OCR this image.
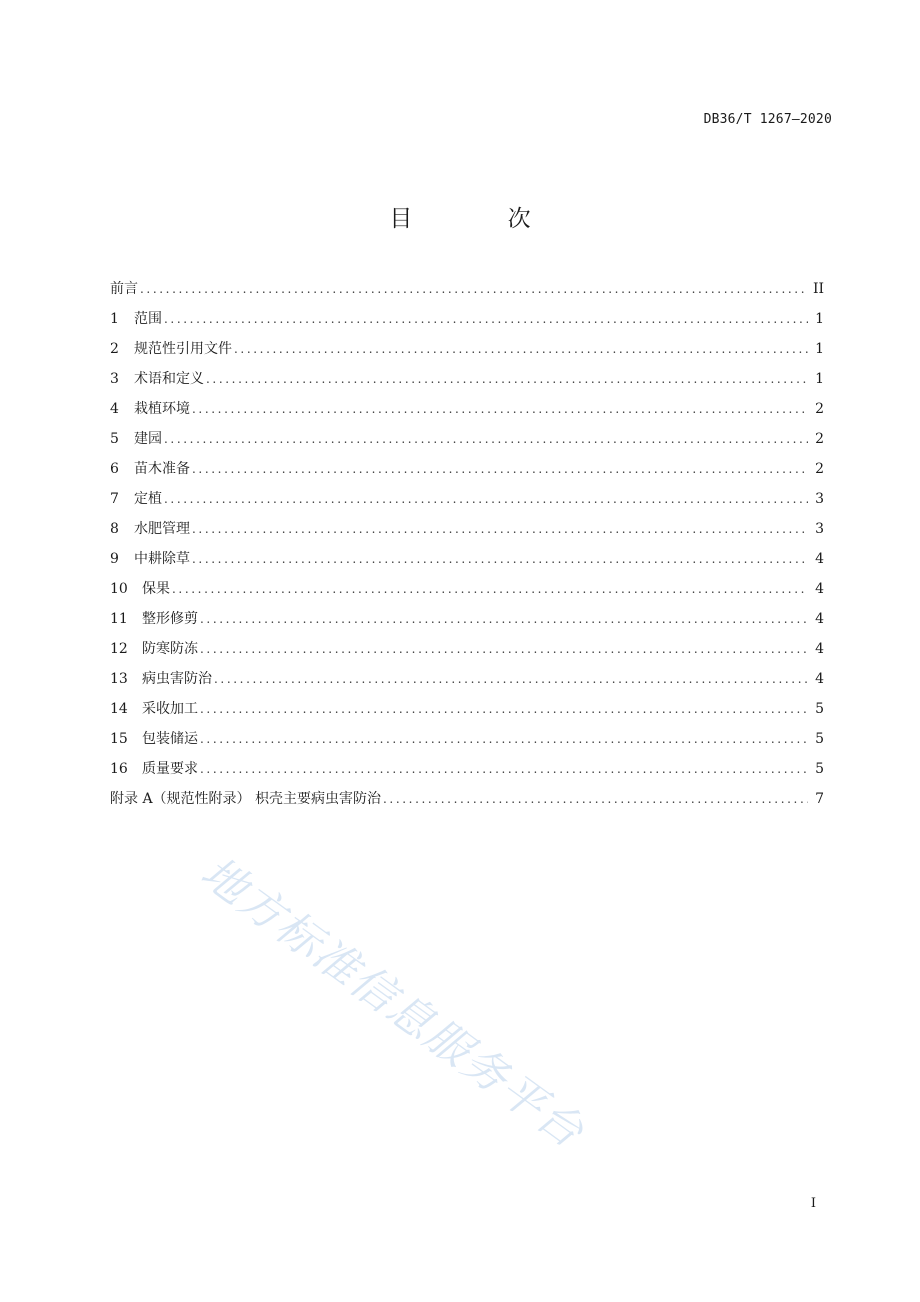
DB36/T 1267—2020
目 次
前言 .....	II
1	范围 .....	1
2	规范性引用文件 .....	1
3	术语和定义 .....	1
4	栽植环境 .....	2
5	建园 .....	2
6	苗木准备 .....	2
7	定植 .....	3
8	水肥管理 .....	3
9	中耕除草 .....	4
10	保果 .....	4
11	整形修剪 .....	4
12	防寒防冻 .....	4
13	病虫害防治 .....	4
14	采收加工 .....	5
15	包装储运 .....	5
16	质量要求 .....	5
附录 A（规范性附录） 枳壳主要病虫害防治 .....	7
地方标准信息服务平台
I
